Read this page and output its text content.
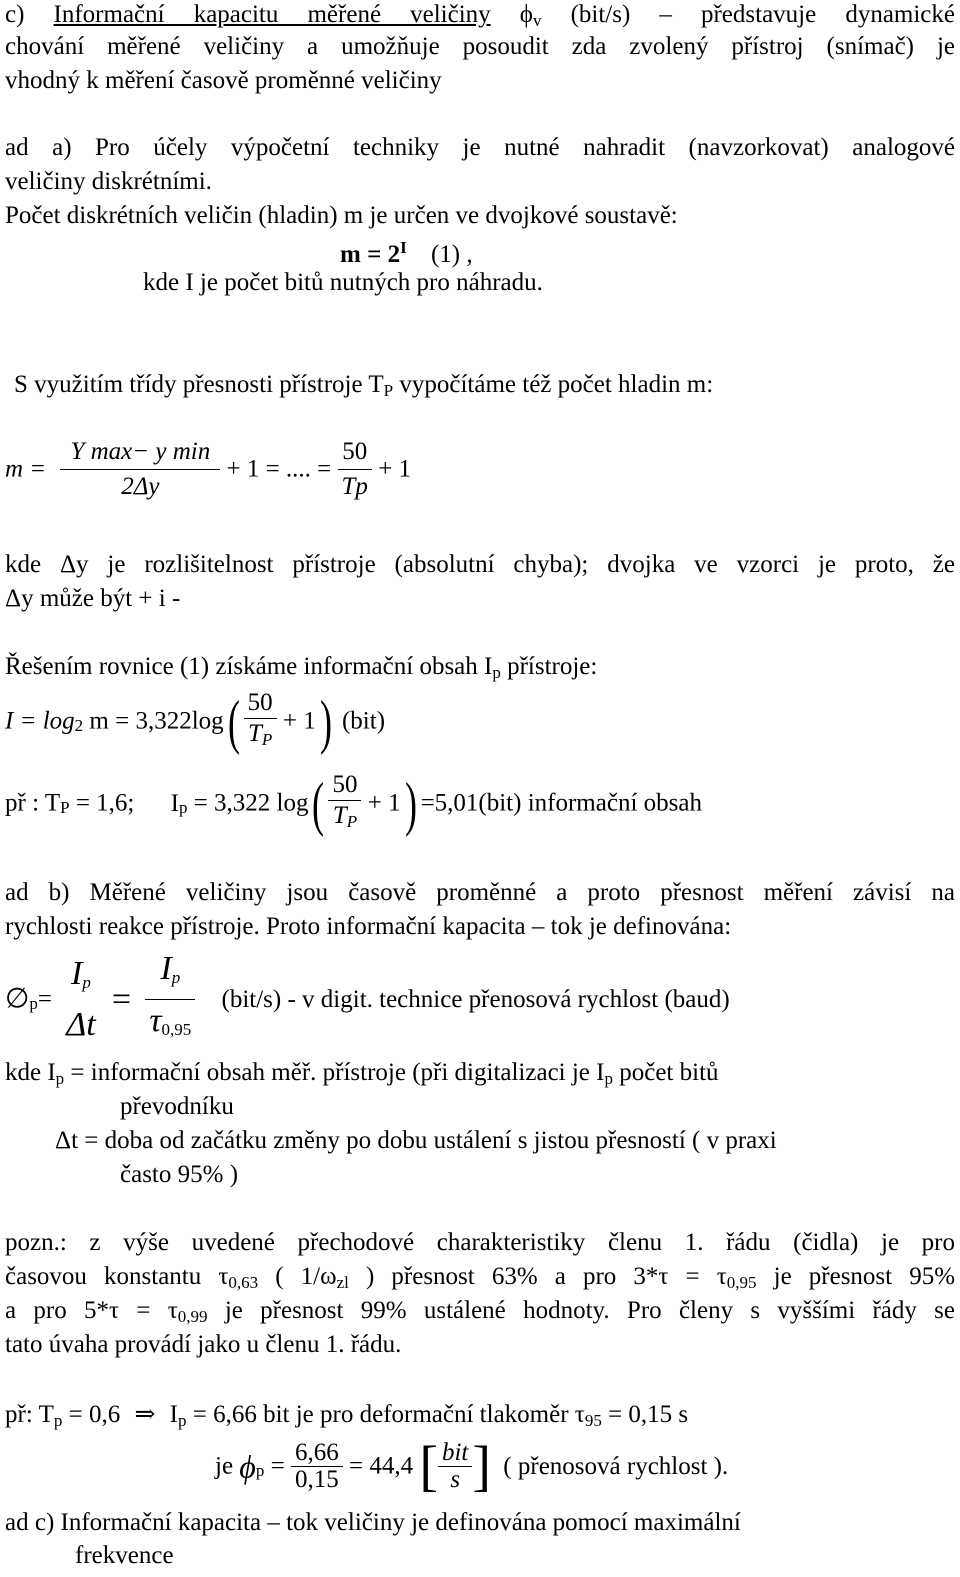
c) Informační kapacitu měřené veličiny $\phi_v$ (bit/s) – představuje dynamické
chování měřené veličiny a umožňuje posoudit zda zvolený přístroj (snímač) je
vhodný k měření časově proměnné veličiny
ad a) Pro účely výpočetní techniky je nutné nahradit (navzorkovat) analogové
veličiny diskrétními.
Počet diskrétních veličin (hladin) m je určen ve dvojkové soustavě:
$m = 2^I$ (1) ,
kde I je počet bitů nutných pro náhradu.
S využitím třídy přesnosti přístroje $T_P$ vypočítáme též počet hladin m:
$m = \frac{\text{Y max− y min}}{2\Delta y} + 1$ = .... = $\frac{50}{Tp} + 1$
kde Δy je rozlišitelnost přístroje (absolutní chyba); dvojka ve vzorci je proto, že
Δy může být + i -
Řešením rovnice (1) získáme informační obsah $I_p$ přístroje:
$I = \log_2 m = 3,322\log( \frac{50}{T_P} + 1)$ (bit)
př : $T_P = 1,6$; $I_p = 3,322$ $\log( \frac{50}{T_P} + 1) =5,01(bit)$ informační obsah
ad b) Měřené veličiny jsou časově proměnné a proto přesnost měření závisí na
rychlosti reakce přístroje. Proto informační kapacita – tok je definována:
$\emptyset_p=$
$I_p$
Δt
= $\frac{I_p}{\tau_{0,95}} (bit/s)$ - v digit. technice přenosová rychlost (baud)
kde $I_p$ = informační obsah měř. přístroje (při digitalizaci je $I_p$ počet bitů
převodníku
Δt = doba od začátku změny po dobu ustálení s jistou přesností ( v praxi
často 95% )
pozn.: z výše uvedené přechodové charakteristiky členu 1. řádu (čidla) je pro
časovou konstantu $\tau_{0,63}$ ( $1/\omega_{zl}$ ) přesnost 63% a pro $3*\tau = \tau_{0,95}$ je přesnost 95%
a pro $5*\tau = \tau_{0,99}$ je přesnost 99% ustálené hodnoty. Pro členy s vyššími řády se
tato úvaha provádí jako u členu 1. řádu.
př: $T_p = 0,6$ ⇒ $I_p = 6,66$ bit je pro deformační tlakoměr $\tau_{95} = 0,15$ s
je $\phi_p = \frac{6,66}{0,15} = 44,4$ [ $\frac{\text{bit}}{s}$ ] ( přenosová rychlost ).
ad c) Informační kapacita – tok veličiny je definována pomocí maximální
frekvence
